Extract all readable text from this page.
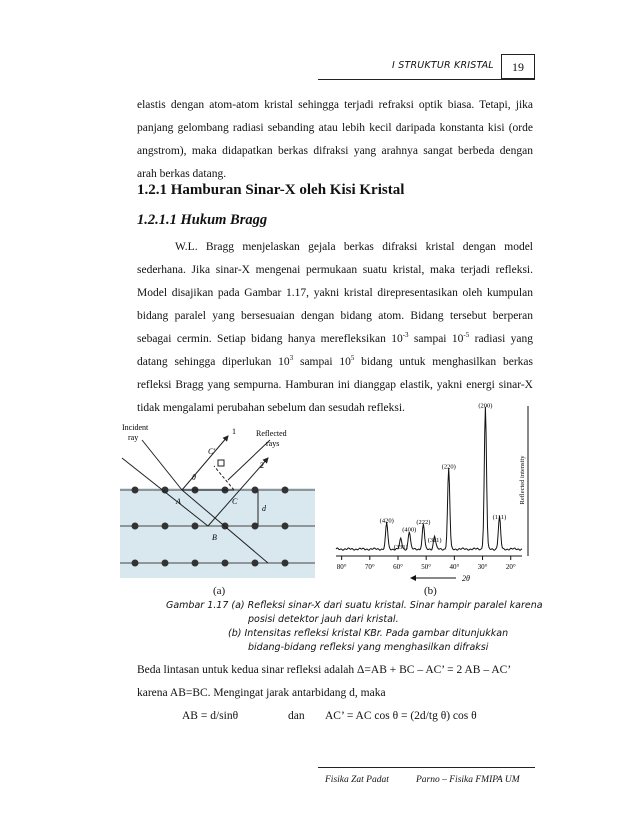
I STRUKTUR KRISTAL	19

elastis dengan atom-atom kristal sehingga terjadi refraksi optik biasa. Tetapi, jika panjang gelombang radiasi sebanding atau lebih kecil daripada konstanta kisi (orde angstrom), maka didapatkan berkas difraksi yang arahnya sangat berbeda dengan arah berkas datang.

1.2.1 Hamburan Sinar-X oleh Kisi Kristal
1.2.1.1 Hukum Bragg

W.L. Bragg menjelaskan gejala berkas difraksi kristal dengan model sederhana. Jika sinar-X mengenai permukaan suatu kristal, maka terjadi refleksi. Model disajikan pada Gambar 1.17, yakni kristal direpresentasikan oleh kumpulan bidang paralel yang bersesuaian dengan bidang atom. Bidang tersebut berperan sebagai cermin. Setiap bidang hanya merefleksikan $10^{-3}$ sampai $10^{-5}$ radiasi yang datang sehingga diperlukan $10^3$ sampai $10^5$ bidang untuk menghasilkan berkas refleksi Bragg yang sempurna. Hamburan ini dianggap elastik, yakni energi sinar-X tidak mengalami perubahan sebelum dan sesudah refleksi.

Incident
ray	Reflected
rays
1
2
C'
A	C
B
θ
d
80°	70°	60°	50°	40°	30°	20°
(420)
(331)
(400)
(222)
(311)
(220)
(200)
(111)
2θ
Reflected intensity
(a)	(b)
Gambar 1.17 (a) Refleksi sinar-X dari suatu kristal. Sinar hampir paralel karena
posisi detektor jauh dari kristal.
(b) Intensitas refleksi kristal KBr. Pada gambar ditunjukkan
bidang-bidang refleksi yang menghasilkan difraksi
Beda lintasan untuk kedua sinar refleksi adalah Δ=AB + BC – AC’ = 2 AB – AC’
karena AB=BC. Mengingat jarak antarbidang d, maka
AB = d/sinθ	dan AC’ = AC cos θ = (2d/tg θ) cos θ
Fisika Zat Padat	Parno – Fisika FMIPA UM
